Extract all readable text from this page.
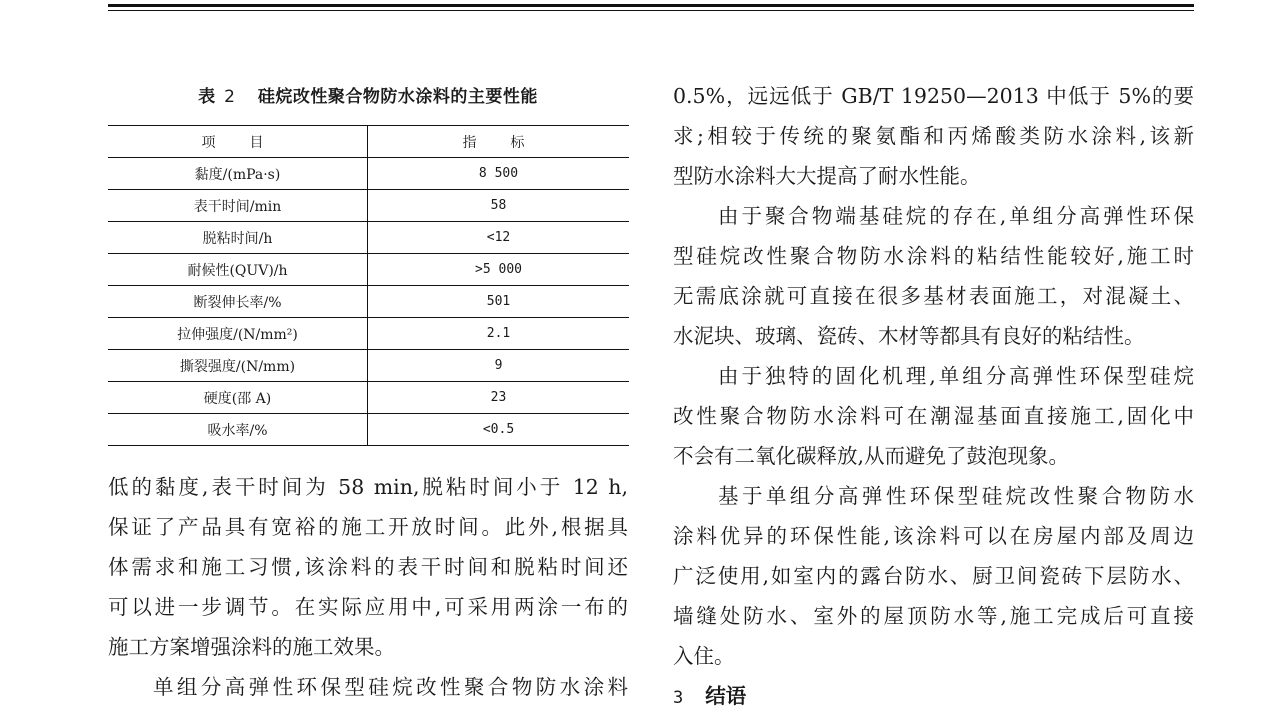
表 2 硅烷改性聚合物防水涂料的主要性能
项　目	指　标
黏度/(mPa·s)	8 500
表干时间/min	58
脱粘时间/h	<12
耐候性(QUV)/h	>5 000
断裂伸长率/%	501
拉伸强度/(N/mm²)	2.1
撕裂强度/(N/mm)	9
硬度(邵 A)	23
吸水率/%	<0.5

低的黏度,表干时间为 58 min,脱粘时间小于 12 h,

保证了产品具有宽裕的施工开放时间。此外,根据具

体需求和施工习惯,该涂料的表干时间和脱粘时间还

可以进一步调节。在实际应用中,可采用两涂一布的

施工方案增强涂料的施工效果。

单组分高弹性环保型硅烷改性聚合物防水涂料

0.5%，远远低于 GB/T 19250—2013 中低于 5%的要

求;相较于传统的聚氨酯和丙烯酸类防水涂料,该新

型防水涂料大大提高了耐水性能。

由于聚合物端基硅烷的存在,单组分高弹性环保

型硅烷改性聚合物防水涂料的粘结性能较好,施工时

无需底涂就可直接在很多基材表面施工，对混凝土、

水泥块、玻璃、瓷砖、木材等都具有良好的粘结性。

由于独特的固化机理,单组分高弹性环保型硅烷

改性聚合物防水涂料可在潮湿基面直接施工,固化中

不会有二氧化碳释放,从而避免了鼓泡现象。

基于单组分高弹性环保型硅烷改性聚合物防水

涂料优异的环保性能,该涂料可以在房屋内部及周边

广泛使用,如室内的露台防水、厨卫间瓷砖下层防水、

墙缝处防水、室外的屋顶防水等,施工完成后可直接

入住。

3 结语
